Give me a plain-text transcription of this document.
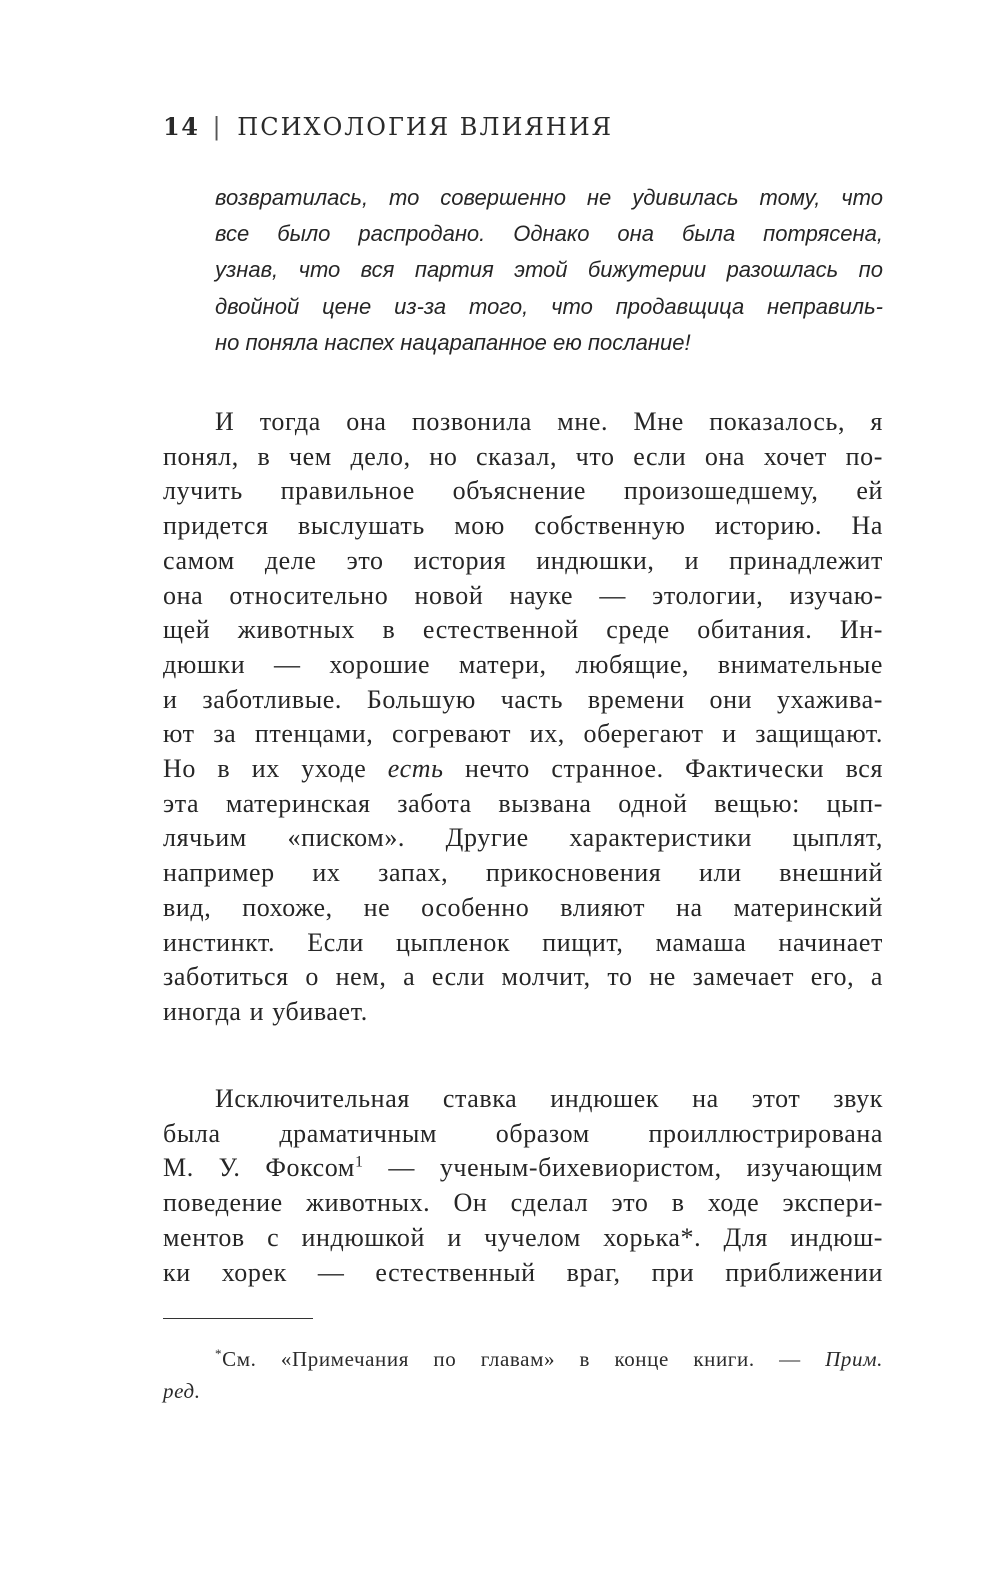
14 | ПСИХОЛОГИЯ ВЛИЯНИЯ
возвратилась, то совершенно не удивилась тому, что
все было распродано. Однако она была потрясена,
узнав, что вся партия этой бижутерии разошлась по
двойной цене из-за того, что продавщица неправиль-
но поняла наспех нацарапанное ею послание!
И тогда она позвонила мне. Мне показалось, я
понял, в чем дело, но сказал, что если она хочет по-
лучить правильное объяснение произошедшему, ей
придется выслушать мою собственную историю. На
самом деле это история индюшки, и принадлежит
она относительно новой науке — этологии, изучаю-
щей животных в естественной среде обитания. Ин-
дюшки — хорошие матери, любящие, внимательные
и заботливые. Большую часть времени они ухажива-
ют за птенцами, согревают их, оберегают и защищают.
Но в их уходе есть нечто странное. Фактически вся
эта материнская забота вызвана одной вещью: цып-
лячьим «писком». Другие характеристики цыплят,
например их запах, прикосновения или внешний
вид, похоже, не особенно влияют на материнский
инстинкт. Если цыпленок пищит, мамаша начинает
заботиться о нем, а если молчит, то не замечает его, а
иногда и убивает.
Исключительная ставка индюшек на этот звук
была драматичным образом проиллюстрирована
М. У. Фоксом$^1$ — ученым-бихевиористом, изучающим
поведение животных. Он сделал это в ходе экспери-
ментов с индюшкой и чучелом хорька*. Для индюш-
ки хорек — естественный враг, при приближении
*См. «Примечания по главам» в конце книги. — Прим.
ред.
